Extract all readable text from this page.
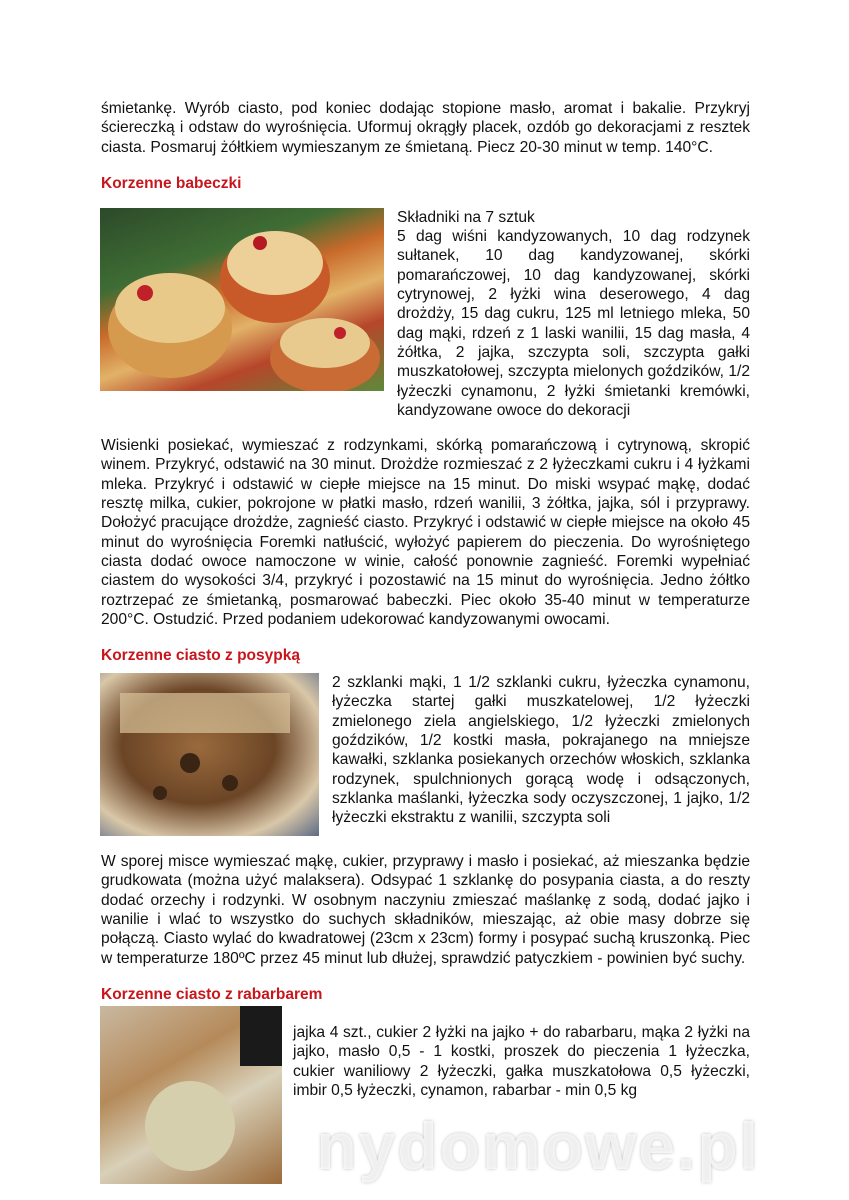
śmietankę. Wyrób ciasto, pod koniec dodając stopione masło, aromat i bakalie. Przykryj ściereczką i odstaw do wyrośnięcia. Uformuj okrągły placek, ozdób go dekoracjami z resztek ciasta. Posmaruj żółtkiem wymieszanym ze śmietaną. Piecz 20-30 minut w temp. 140°C.

Korzenne babeczki

Składniki na 7 sztuk

5 dag wiśni kandyzowanych, 10 dag rodzynek sułtanek, 10 dag kandyzowanej, skórki pomarańczowej, 10 dag kandyzowanej, skórki cytrynowej, 2 łyżki wina deserowego, 4 dag drożdży, 15 dag cukru, 125 ml letniego mleka, 50 dag mąki, rdzeń z 1 laski wanilii, 15 dag masła, 4 żółtka, 2 jajka, szczypta soli, szczypta gałki muszkatołowej, szczypta mielonych goździków, 1/2 łyżeczki cynamonu, 2 łyżki śmietanki kremówki, kandyzowane owoce do dekoracji

Wisienki posiekać, wymieszać z rodzynkami, skórką pomarańczową i cytrynową, skropić winem. Przykryć, odstawić na 30 minut. Drożdże rozmieszać z 2 łyżeczkami cukru i 4 łyżkami mleka. Przykryć i odstawić w ciepłe miejsce na 15 minut. Do miski wsypać mąkę, dodać resztę milka, cukier, pokrojone w płatki masło, rdzeń wanilii, 3 żółtka, jajka, sól i przyprawy. Dołożyć pracujące drożdże, zagnieść ciasto. Przykryć i odstawić w ciepłe miejsce na około 45 minut do wyrośnięcia Foremki natłuścić, wyłożyć papierem do pieczenia. Do wyrośniętego ciasta dodać owoce namoczone w winie, całość ponownie zagnieść. Foremki wypełniać ciastem do wysokości 3/4, przykryć i pozostawić na 15 minut do wyrośnięcia. Jedno żółtko roztrzepać ze śmietanką, posmarować babeczki. Piec około 35-40 minut w temperaturze 200°C. Ostudzić. Przed podaniem udekorować kandyzowanymi owocami.

Korzenne ciasto z posypką

2 szklanki mąki, 1 1/2 szklanki cukru, łyżeczka cynamonu, łyżeczka startej gałki muszkatelowej, 1/2 łyżeczki zmielonego ziela angielskiego, 1/2 łyżeczki zmielonych goździków, 1/2 kostki masła, pokrajanego na mniejsze kawałki, szklanka posiekanych orzechów włoskich, szklanka rodzynek, spulchnionych gorącą wodę i odsączonych, szklanka maślanki, łyżeczka sody oczyszczonej, 1 jajko, 1/2 łyżeczki ekstraktu z wanilii, szczypta soli

W sporej misce wymieszać mąkę, cukier, przyprawy i masło i posiekać, aż mieszanka będzie grudkowata (można użyć malaksera). Odsypać 1 szklankę do posypania ciasta, a do reszty dodać orzechy i rodzynki. W osobnym naczyniu zmieszać maślankę z sodą, dodać jajko i wanilie i wlać to wszystko do suchych składników, mieszając, aż obie masy dobrze się połączą. Ciasto wylać do kwadratowej (23cm x 23cm) formy i posypać suchą kruszonką. Piec w temperaturze 180ºC przez 45 minut lub dłużej, sprawdzić patyczkiem - powinien być suchy.

Korzenne ciasto z rabarbarem

jajka 4 szt., cukier 2 łyżki na jajko + do rabarbaru, mąka 2 łyżki na jajko, masło 0,5 - 1 kostki, proszek do pieczenia 1 łyżeczka, cukier waniliowy 2 łyżeczki, gałka muszkatołowa 0,5 łyżeczki, imbir 0,5 łyżeczki, cynamon, rabarbar - min 0,5 kg

nydomowe.pl
